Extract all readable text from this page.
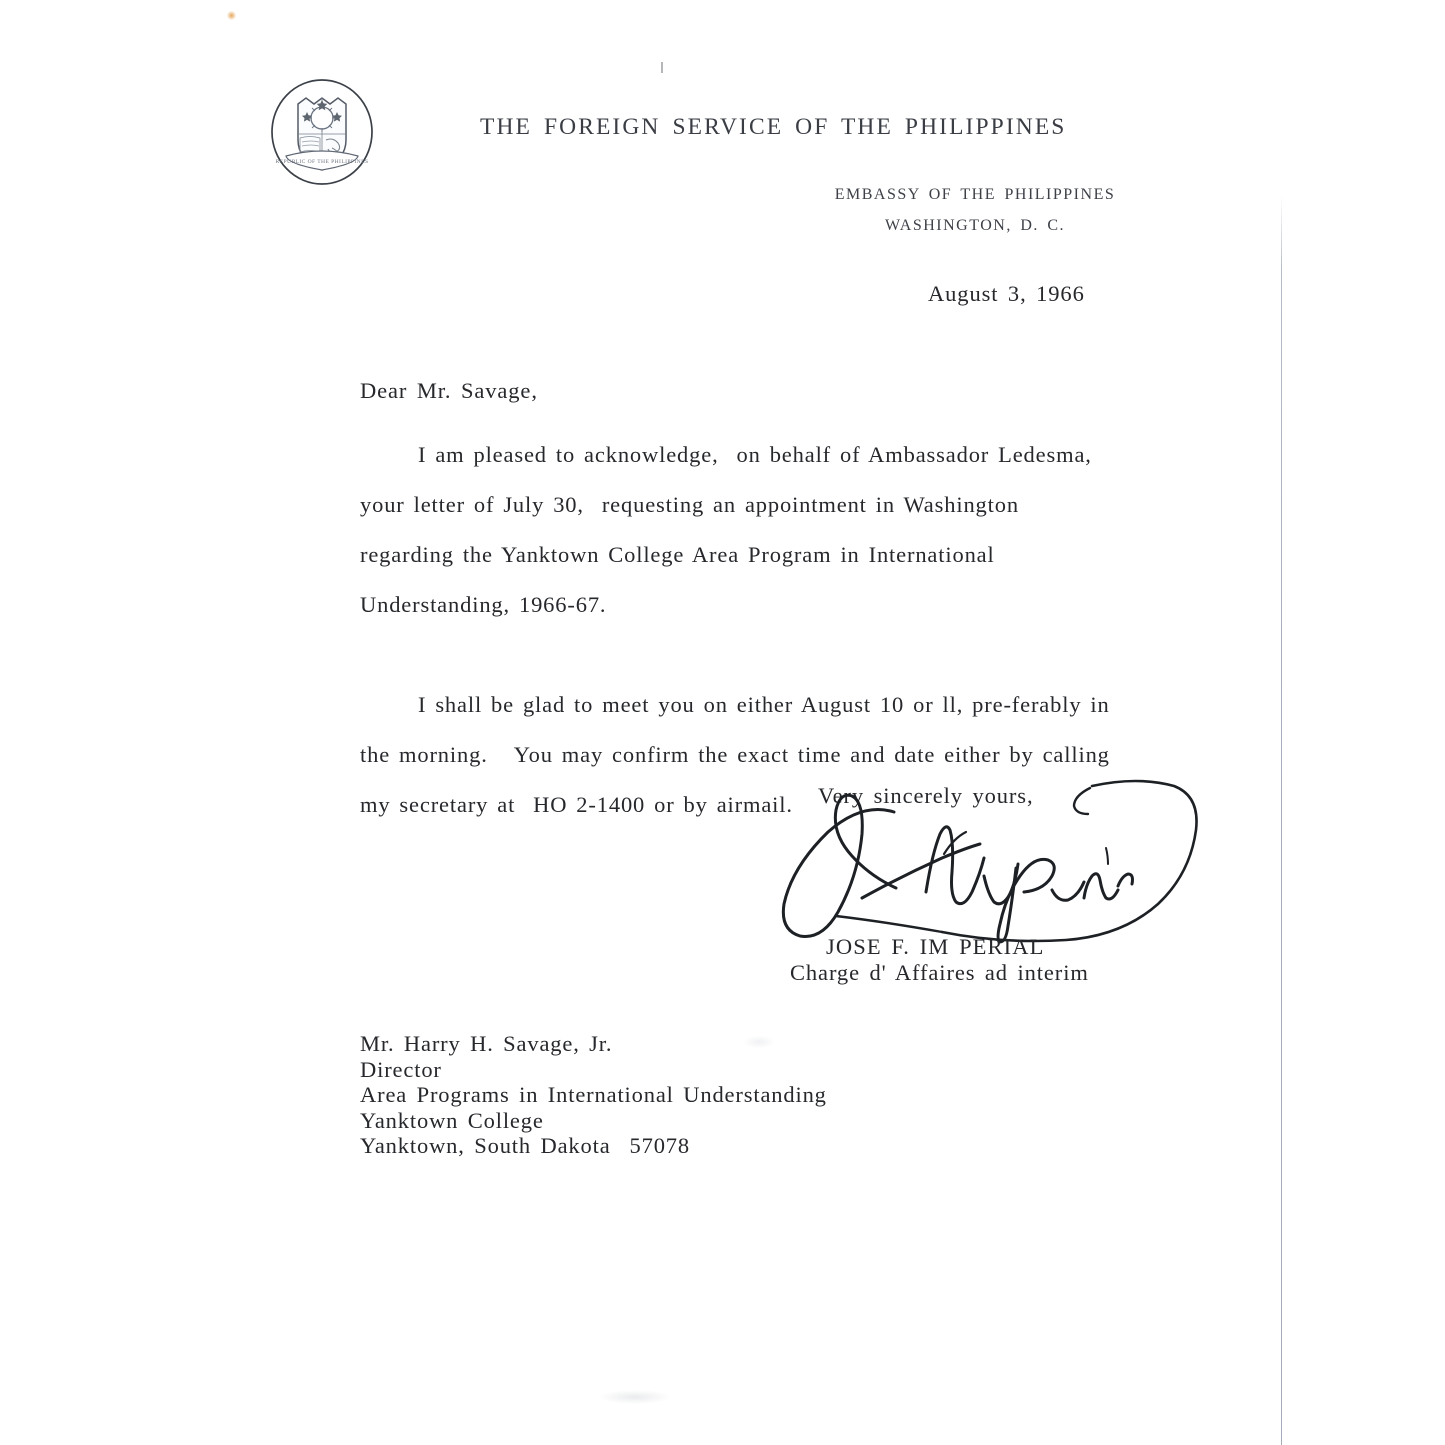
REPUBLIC OF THE PHILIPPINES
THE FOREIGN SERVICE OF THE PHILIPPINES
EMBASSY OF THE PHILIPPINES
WASHINGTON, D. C.
August 3, 1966
Dear Mr. Savage,

I am pleased to acknowledge,  on behalf of Ambassador Ledesma,  your letter of July 30,  requesting an appointment in Washington regarding the Yanktown College Area Program in International Understanding, 1966-67.

I shall be glad to meet you on either August 10 or ll, pre-ferably in the morning.   You may confirm the exact time and date either by calling my secretary at  HO 2-1400 or by airmail.	Very sincerely yours,
JOSE F. IM PERIAL
Charge d' Affaires ad interim
Mr. Harry H. Savage, Jr.
Director
Area Programs in International Understanding
Yanktown College
Yanktown, South Dakota  57078
